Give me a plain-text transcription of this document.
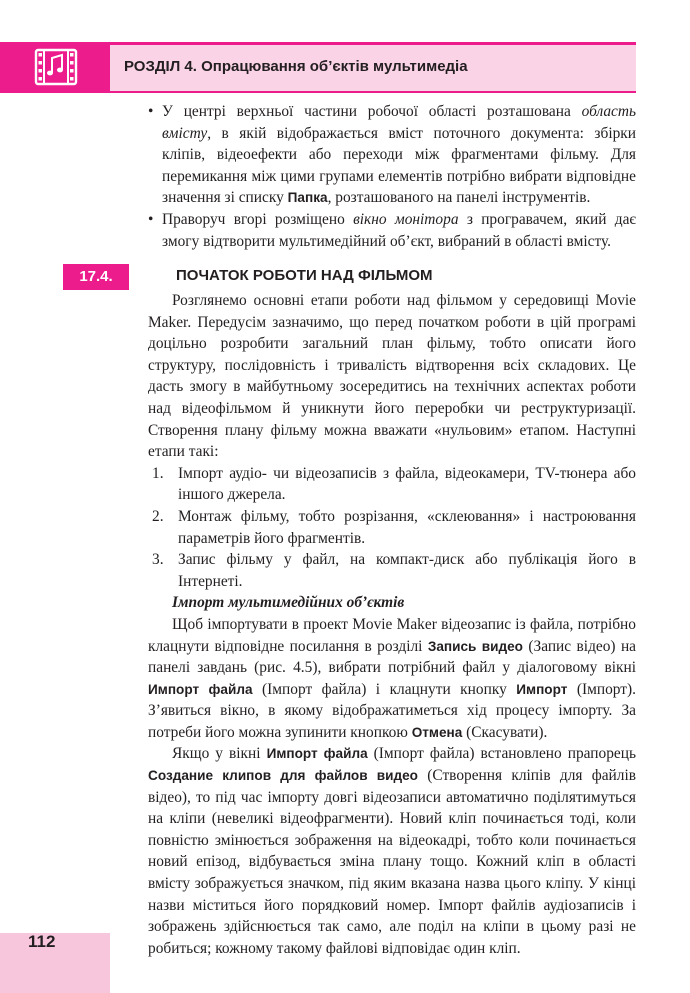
РОЗДІЛ 4. Опрацювання об’єктів мультимедіа

• У центрі верхньої частини робочої області розташована область вмісту, в якій відображається вміст поточного документа: збірки кліпів, відеоефекти або переходи між фрагментами фільму. Для перемикання між цими групами елементів потрібно вибрати відповідне значення зі списку Папка, розташованого на панелі інструментів.

• Праворуч вгорі розміщено вікно монітора з програвачем, який дає змогу відтворити мультимедійний об’єкт, вибраний в області вмісту.

17.4.	ПОЧАТОК РОБОТИ НАД ФІЛЬМОМ

Розглянемо основні етапи роботи над фільмом у середовищі Movie Maker. Передусім зазначимо, що перед початком роботи в цій програмі доцільно розробити загальний план фільму, тобто описати його структуру, послідовність і тривалість відтворення всіх складових. Це дасть змогу в майбутньому зосередитись на технічних аспектах роботи над відеофільмом й уникнути його переробки чи реструктуризації. Створення плану фільму можна вважати «нульовим» етапом. Наступні етапи такі:

1. Імпорт аудіо- чи відеозаписів з файла, відеокамери, TV-тюнера або іншого джерела.

2. Монтаж фільму, тобто розрізання, «склеювання» і настроювання параметрів його фрагментів.

3. Запис фільму у файл, на компакт-диск або публікація його в Інтернеті.

Імпорт мультимедійних об’єктів

Щоб імпортувати в проект Movie Maker відеозапис із файла, потрібно клацнути відповідне посилання в розділі Запись видео (Запис відео) на панелі завдань (рис. 4.5), вибрати потрібний файл у діалоговому вікні Импорт файла (Імпорт файла) і клацнути кнопку Импорт (Імпорт). З’явиться вікно, в якому відображатиметься хід процесу імпорту. За потреби його можна зупинити кнопкою Отмена (Скасувати).

Якщо у вікні Импорт файла (Імпорт файла) встановлено прапорець Создание клипов для файлов видео (Створення кліпів для файлів відео), то під час імпорту довгі відеозаписи автоматично поділятимуться на кліпи (невеликі відеофрагменти). Новий кліп починається тоді, коли повністю змінюється зображення на відеокадрі, тобто коли починається новий епізод, відбувається зміна плану тощо. Кожний кліп в області вмісту зображується значком, під яким вказана назва цього кліпу. У кінці назви міститься його порядковий номер. Імпорт файлів аудіозаписів і зображень здійснюється так само, але поділ на кліпи в цьому разі не робиться; кожному такому файлові відповідає один кліп.

112
